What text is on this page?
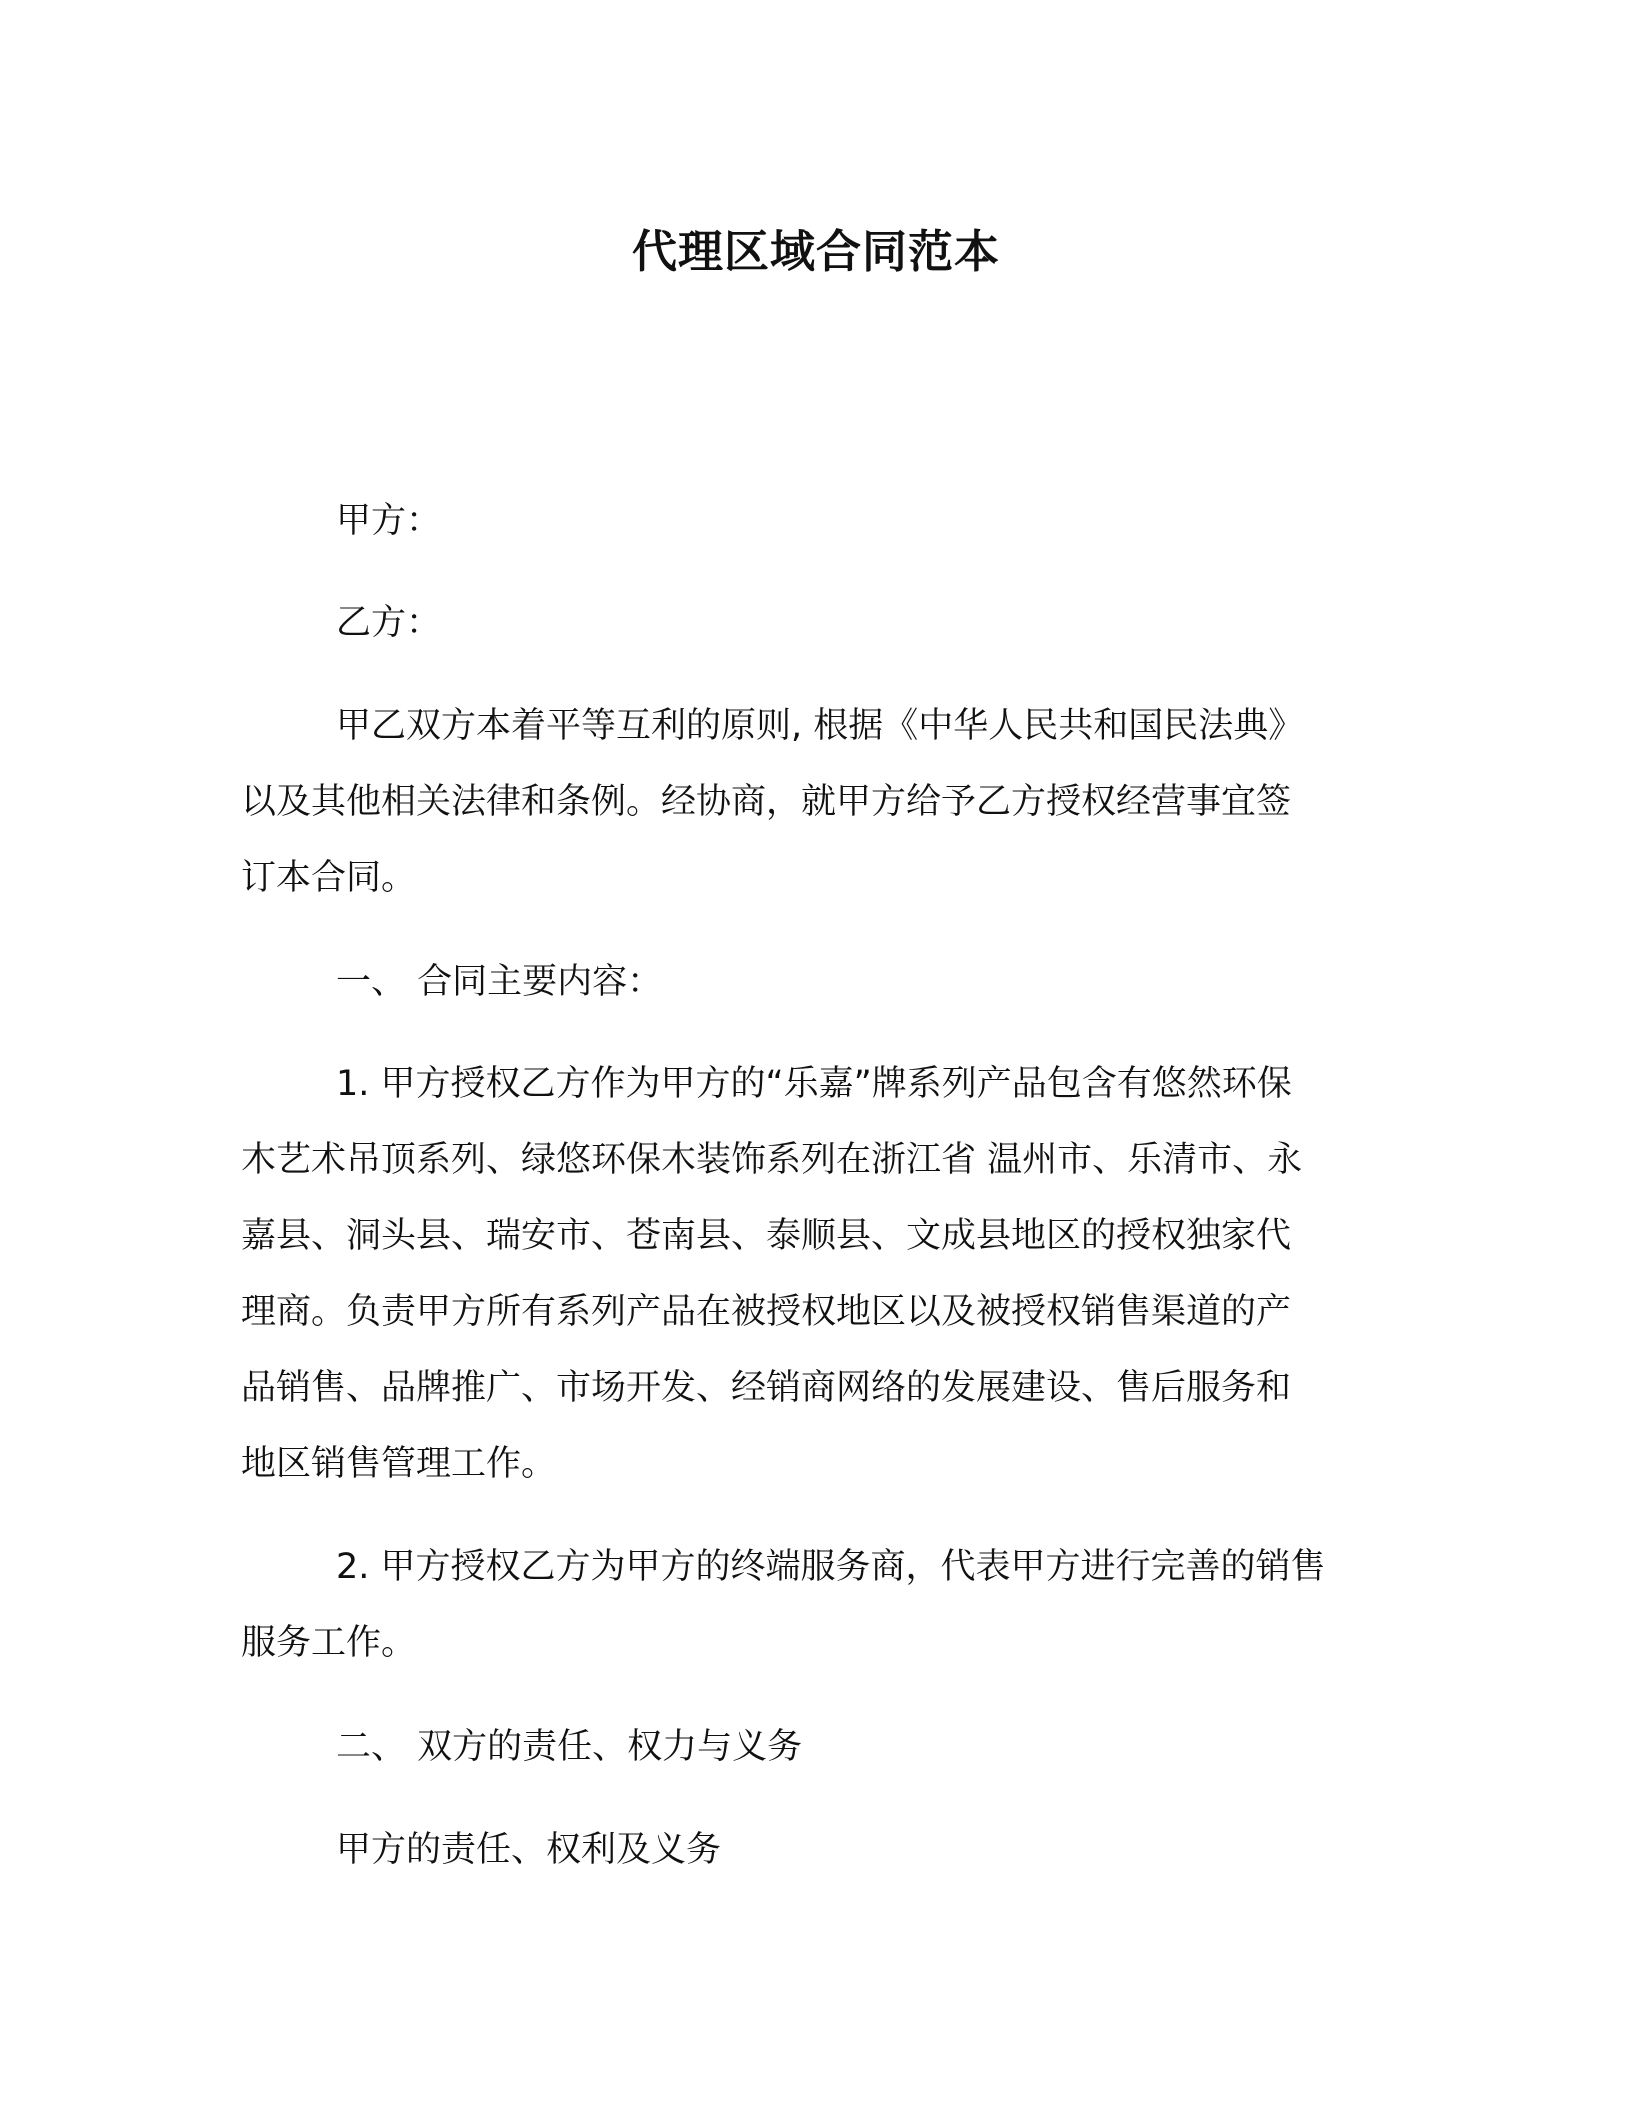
代理区域合同范本
甲方：
乙方：
甲乙双方本着平等互利的原则, 根据《中华人民共和国民法典》
以及其他相关法律和条例。经协商，就甲方给予乙方授权经营事宜签
订本合同。
一、 合同主要内容：
1. 甲方授权乙方作为甲方的“乐嘉”牌系列产品包含有悠然环保
木艺术吊顶系列、绿悠环保木装饰系列在浙江省 温州市、乐清市、永
嘉县、洞头县、瑞安市、苍南县、泰顺县、文成县地区的授权独家代
理商。负责甲方所有系列产品在被授权地区以及被授权销售渠道的产
品销售、品牌推广、市场开发、经销商网络的发展建设、售后服务和
地区销售管理工作。
2. 甲方授权乙方为甲方的终端服务商，代表甲方进行完善的销售
服务工作。
二、 双方的责任、权力与义务
甲方的责任、权利及义务
